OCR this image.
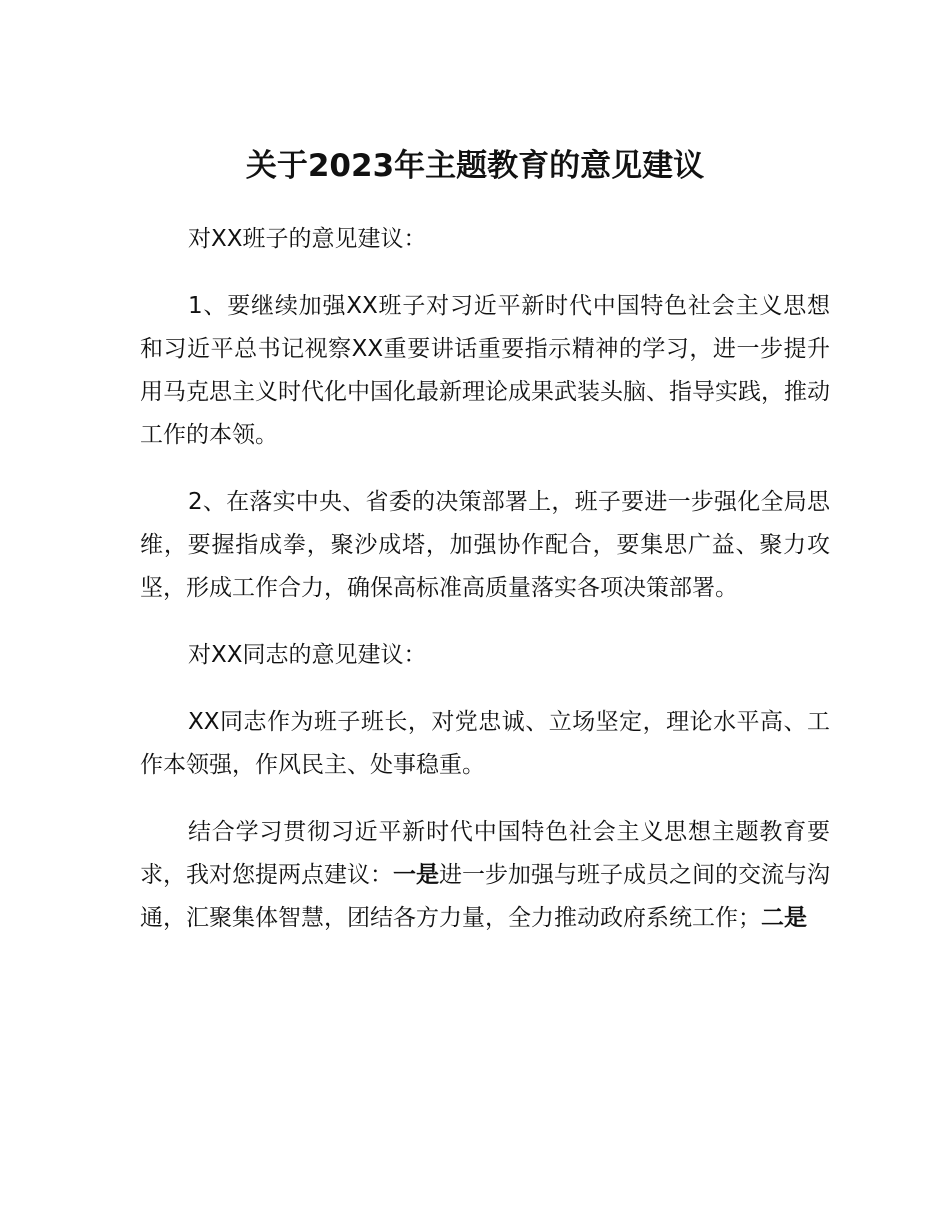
关于2023年主题教育的意见建议

对XX班子的意见建议：

1、要继续加强XX班子对习近平新时代中国特色社会主义思想和习近平总书记视察XX重要讲话重要指示精神的学习，进一步提升用马克思主义时代化中国化最新理论成果武装头脑、指导实践，推动工作的本领。

2、在落实中央、省委的决策部署上，班子要进一步强化全局思维，要握指成拳，聚沙成塔，加强协作配合，要集思广益、聚力攻坚，形成工作合力，确保高标准高质量落实各项决策部署。

对XX同志的意见建议：

XX同志作为班子班长，对党忠诚、立场坚定，理论水平高、工作本领强，作风民主、处事稳重。

结合学习贯彻习近平新时代中国特色社会主义思想主题教育要求，我对您提两点建议：一是进一步加强与班子成员之间的交流与沟通，汇聚集体智慧，团结各方力量，全力推动政府系统工作；二是
